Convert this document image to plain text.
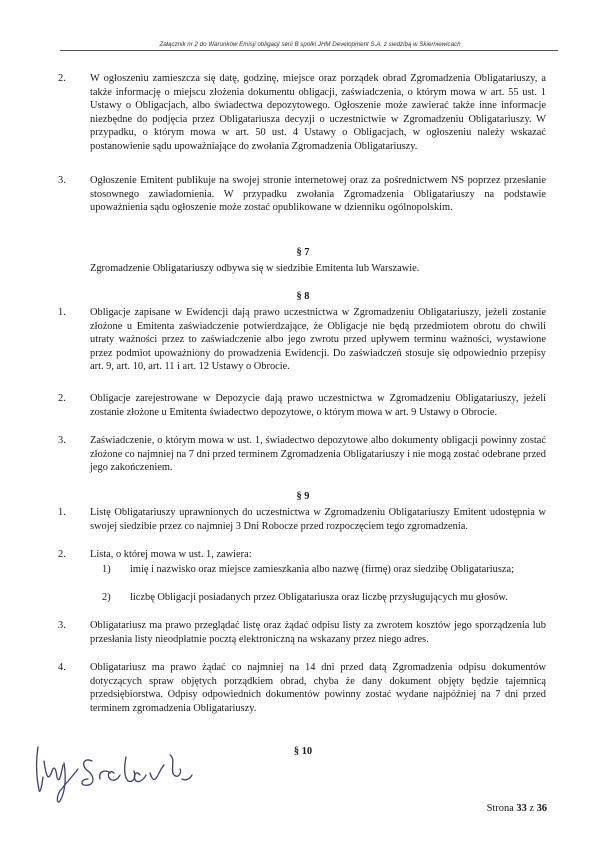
Załącznik nr 2 do Warunków Emisji obligacji serii B spółki JHM Development S.A. z siedzibą w Skierniewicach
2. W ogłoszeniu zamieszcza się datę, godzinę, miejsce oraz porządek obrad Zgromadzenia Obligatariuszy, a także informację o miejscu złożenia dokumentu obligacji, zaświadczenia, o którym mowa w art. 55 ust. 1 Ustawy o Obligacjach, albo świadectwa depozytowego. Ogłoszenie może zawierać także inne informacje niezbędne do podjęcia przez Obligatariusza decyzji o uczestnictwie w Zgromadzeniu Obligatariuszy. W przypadku, o którym mowa w art. 50 ust. 4 Ustawy o Obligacjach, w ogłoszeniu należy wskazać postanowienie sądu upoważniające do zwołania Zgromadzenia Obligatariuszy.
3. Ogłoszenie Emitent publikuje na swojej stronie internetowej oraz za pośrednictwem NS poprzez przesłanie stosownego zawiadomienia. W przypadku zwołania Zgromadzenia Obligatariuszy na podstawie upoważnienia sądu ogłoszenie może zostać opublikowane w dzienniku ogólnopolskim.
§ 7
Zgromadzenie Obligatariuszy odbywa się w siedzibie Emitenta lub Warszawie.
§ 8
1. Obligacje zapisane w Ewidencji dają prawo uczestnictwa w Zgromadzeniu Obligatariuszy, jeżeli zostanie złożone u Emitenta zaświadczenie potwierdzające, że Obligacje nie będą przedmiotem obrotu do chwili utraty ważności przez to zaświadczenie albo jego zwrotu przed upływem terminu ważności, wystawione przez podmiot upoważniony do prowadzenia Ewidencji. Do zaświadczeń stosuje się odpowiednio przepisy art. 9, art. 10, art. 11 i art. 12 Ustawy o Obrocie.
2. Obligacje zarejestrowane w Depozycie dają prawo uczestnictwa w Zgromadzeniu Obligatariuszy, jeżeli zostanie złożone u Emitenta świadectwo depozytowe, o którym mowa w art. 9 Ustawy o Obrocie.
3. Zaświadczenie, o którym mowa w ust. 1, świadectwo depozytowe albo dokumenty obligacji powinny zostać złożone co najmniej na 7 dni przed terminem Zgromadzenia Obligatariuszy i nie mogą zostać odebrane przed jego zakończeniem.
§ 9
1. Listę Obligatariuszy uprawnionych do uczestnictwa w Zgromadzeniu Obligatariuszy Emitent udostępnia w swojej siedzibie przez co najmniej 3 Dni Robocze przed rozpoczęciem tego zgromadzenia.
2. Lista, o której mowa w ust. 1, zawiera:
1) imię i nazwisko oraz miejsce zamieszkania albo nazwę (firmę) oraz siedzibę Obligatariusza;
2) liczbę Obligacji posiadanych przez Obligatariusza oraz liczbę przysługujących mu głosów.
3. Obligatariusz ma prawo przeglądać listę oraz żądać odpisu listy za zwrotem kosztów jego sporządzenia lub przesłania listy nieodpłatnie pocztą elektroniczną na wskazany przez niego adres.
4. Obligatariusz ma prawo żądać co najmniej na 14 dni przed datą Zgromadzenia odpisu dokumentów dotyczących spraw objętych porządkiem obrad, chyba że dany dokument objęty będzie tajemnicą przedsiębiorstwa. Odpisy odpowiednich dokumentów powinny zostać wydane najpóźniej na 7 dni przed terminem zgromadzenia Obligatariuszy.
§ 10
Strona 33 z 36
